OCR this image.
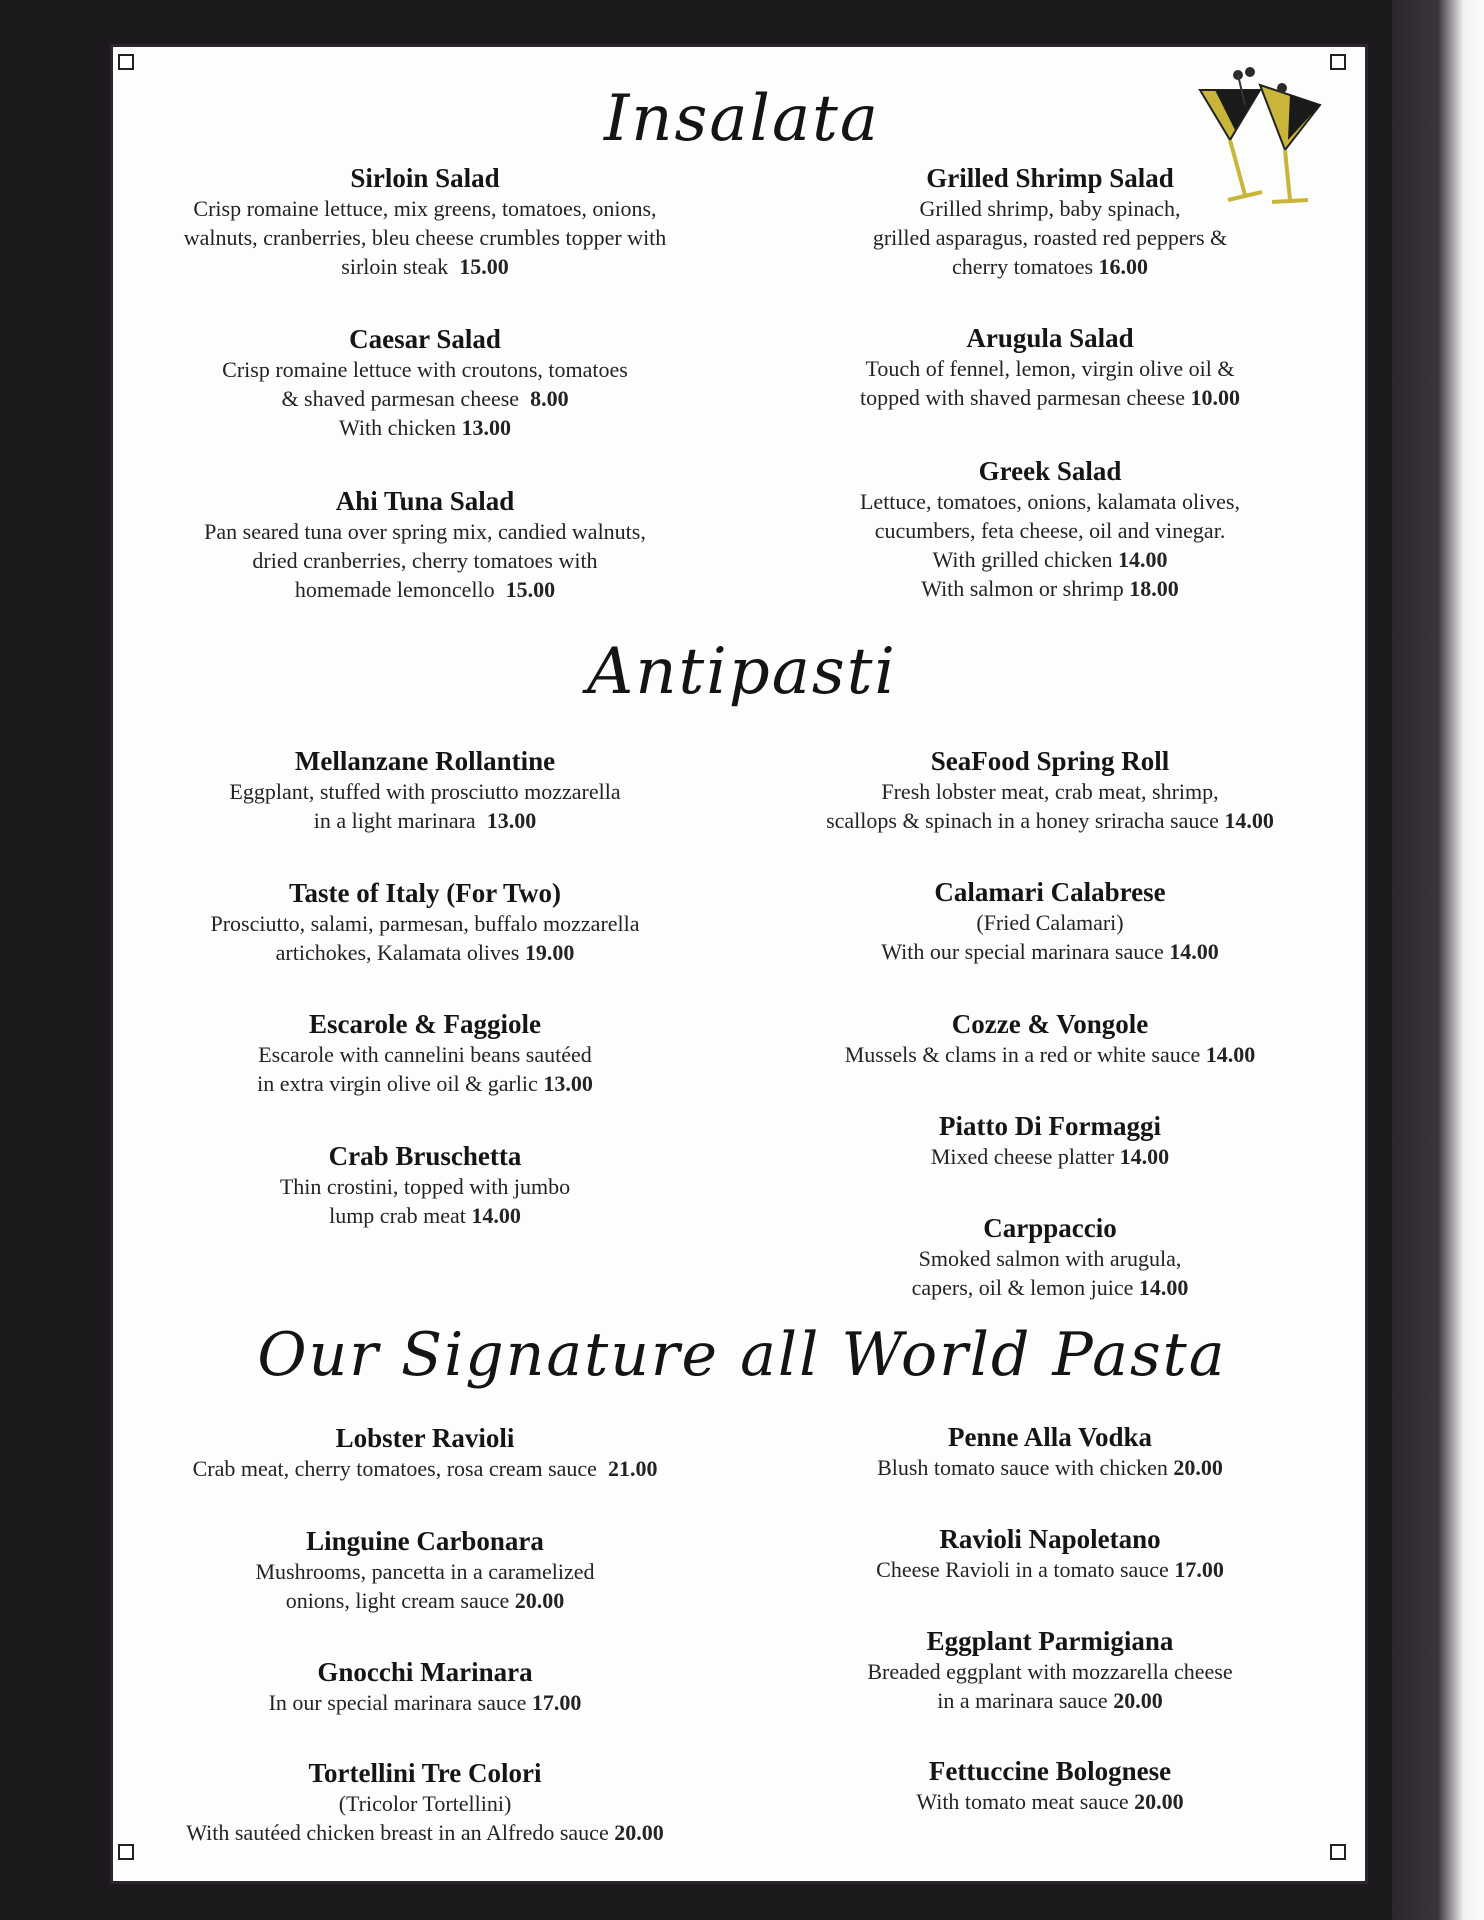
Insalata
Antipasti
Our Signature all World Pasta
Sirloin Salad
Crisp romaine lettuce, mix greens, tomatoes, onions,
walnuts, cranberries, bleu cheese crumbles topper with
sirloin steak 15.00
Caesar Salad
Crisp romaine lettuce with croutons, tomatoes
& shaved parmesan cheese 8.00
With chicken 13.00
Ahi Tuna Salad
Pan seared tuna over spring mix, candied walnuts,
dried cranberries, cherry tomatoes with
homemade lemoncello 15.00
Grilled Shrimp Salad
Grilled shrimp, baby spinach,
grilled asparagus, roasted red peppers &
cherry tomatoes 16.00
Arugula Salad
Touch of fennel, lemon, virgin olive oil &
topped with shaved parmesan cheese 10.00
Greek Salad
Lettuce, tomatoes, onions, kalamata olives,
cucumbers, feta cheese, oil and vinegar.
With grilled chicken 14.00
With salmon or shrimp 18.00
Mellanzane Rollantine
Eggplant, stuffed with prosciutto mozzarella
in a light marinara 13.00
Taste of Italy (For Two)
Prosciutto, salami, parmesan, buffalo mozzarella
artichokes, Kalamata olives 19.00
Escarole & Faggiole
Escarole with cannelini beans sautéed
in extra virgin olive oil & garlic 13.00
Crab Bruschetta
Thin crostini, topped with jumbo
lump crab meat 14.00
SeaFood Spring Roll
Fresh lobster meat, crab meat, shrimp,
scallops & spinach in a honey sriracha sauce 14.00
Calamari Calabrese
(Fried Calamari)
With our special marinara sauce 14.00
Cozze & Vongole
Mussels & clams in a red or white sauce 14.00
Piatto Di Formaggi
Mixed cheese platter 14.00
Carppaccio
Smoked salmon with arugula,
capers, oil & lemon juice 14.00
Lobster Ravioli
Crab meat, cherry tomatoes, rosa cream sauce 21.00
Linguine Carbonara
Mushrooms, pancetta in a caramelized
onions, light cream sauce 20.00
Gnocchi Marinara
In our special marinara sauce 17.00
Tortellini Tre Colori
(Tricolor Tortellini)
With sautéed chicken breast in an Alfredo sauce 20.00
Penne Alla Vodka
Blush tomato sauce with chicken 20.00
Ravioli Napoletano
Cheese Ravioli in a tomato sauce 17.00
Eggplant Parmigiana
Breaded eggplant with mozzarella cheese
in a marinara sauce 20.00
Fettuccine Bolognese
With tomato meat sauce 20.00
